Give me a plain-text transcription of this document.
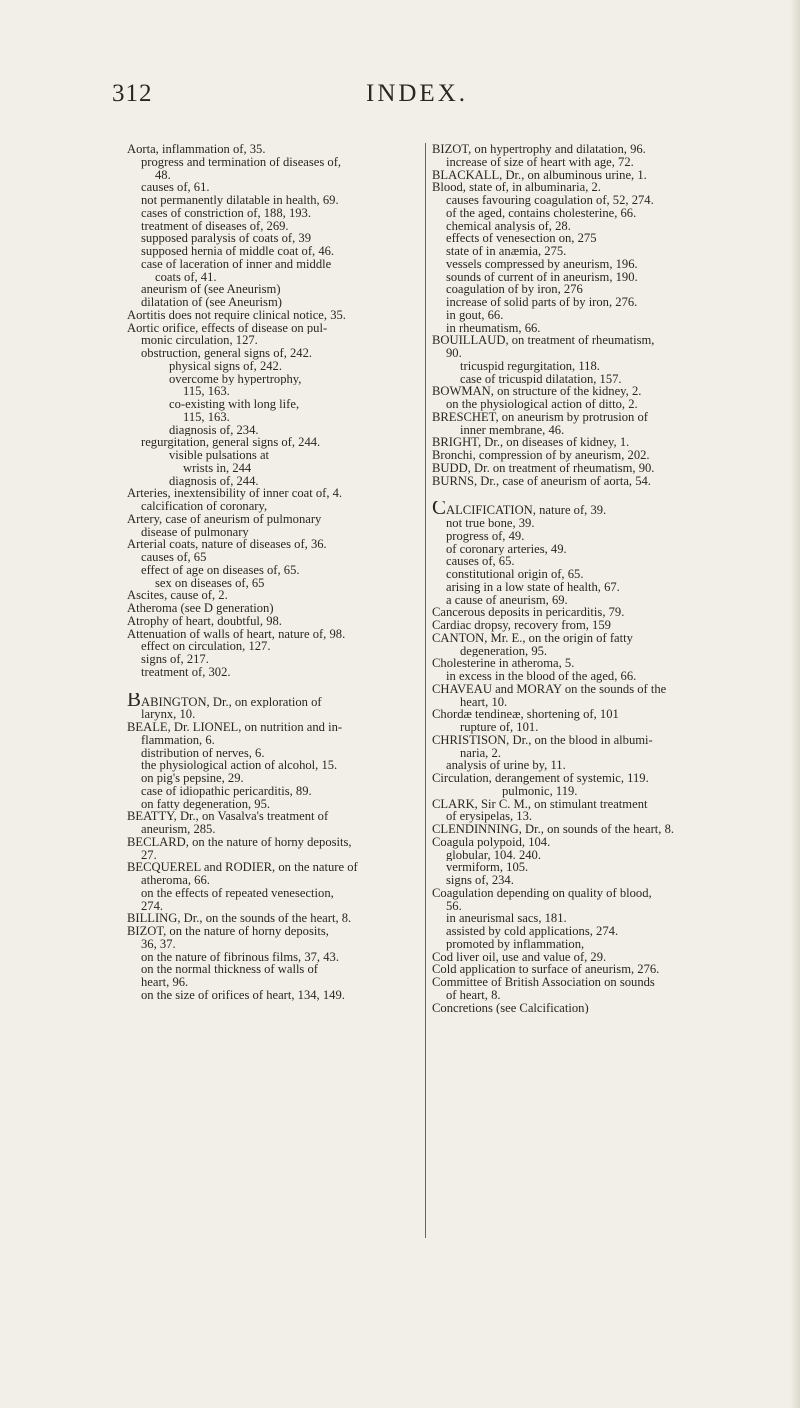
312	INDEX.
Aorta, inflammation of, 35.
progress and termination of diseases of,
48.
causes of, 61.
not permanently dilatable in health, 69.
cases of constriction of, 188, 193.
treatment of diseases of, 269.
supposed paralysis of coats of, 39
supposed hernia of middle coat of, 46.
case of laceration of inner and middle
coats of, 41.
aneurism of (see Aneurism)
dilatation of (see Aneurism)
Aortitis does not require clinical notice, 35.
Aortic orifice, effects of disease on pul-
monic circulation, 127.
obstruction, general signs of, 242.
physical signs of, 242.
overcome by hypertrophy,
115, 163.
co-existing with long life,
115, 163.
diagnosis of, 234.
regurgitation, general signs of, 244.
visible pulsations at
wrists in, 244
diagnosis of, 244.
Arteries, inextensibility of inner coat of, 4.
calcification of coronary,
Artery, case of aneurism of pulmonary
disease of pulmonary
Arterial coats, nature of diseases of, 36.
causes of, 65
effect of age on diseases of, 65.
sex on diseases of, 65
Ascites, cause of, 2.
Atheroma (see D generation)
Atrophy of heart, doubtful, 98.
Attenuation of walls of heart, nature of, 98.
effect on circulation, 127.
signs of, 217.
treatment of, 302.
BABINGTON, Dr., on exploration of
larynx, 10.
BEALE, Dr. LIONEL, on nutrition and in-
flammation, 6.
distribution of nerves, 6.
the physiological action of alcohol, 15.
on pig's pepsine, 29.
case of idiopathic pericarditis, 89.
on fatty degeneration, 95.
BEATTY, Dr., on Vasalva's treatment of
aneurism, 285.
BECLARD, on the nature of horny deposits,
27.
BECQUEREL and RODIER, on the nature of
atheroma, 66.
on the effects of repeated venesection,
274.
BILLING, Dr., on the sounds of the heart, 8.
BIZOT, on the nature of horny deposits,
36, 37.
on the nature of fibrinous films, 37, 43.
on the normal thickness of walls of
heart, 96.
on the size of orifices of heart, 134, 149.
BIZOT, on hypertrophy and dilatation, 96.
increase of size of heart with age, 72.
BLACKALL, Dr., on albuminous urine, 1.
Blood, state of, in albuminaria, 2.
causes favouring coagulation of, 52, 274.
of the aged, contains cholesterine, 66.
chemical analysis of, 28.
effects of venesection on, 275
state of in anæmia, 275.
vessels compressed by aneurism, 196.
sounds of current of in aneurism, 190.
coagulation of by iron, 276
increase of solid parts of by iron, 276.
in gout, 66.
in rheumatism, 66.
BOUILLAUD, on treatment of rheumatism,
90.
tricuspid regurgitation, 118.
case of tricuspid dilatation, 157.
BOWMAN, on structure of the kidney, 2.
on the physiological action of ditto, 2.
BRESCHET, on aneurism by protrusion of
inner membrane, 46.
BRIGHT, Dr., on diseases of kidney, 1.
Bronchi, compression of by aneurism, 202.
BUDD, Dr. on treatment of rheumatism, 90.
BURNS, Dr., case of aneurism of aorta, 54.
CALCIFICATION, nature of, 39.
not true bone, 39.
progress of, 49.
of coronary arteries, 49.
causes of, 65.
constitutional origin of, 65.
arising in a low state of health, 67.
a cause of aneurism, 69.
Cancerous deposits in pericarditis, 79.
Cardiac dropsy, recovery from, 159
CANTON, Mr. E., on the origin of fatty
degeneration, 95.
Cholesterine in atheroma, 5.
in excess in the blood of the aged, 66.
CHAVEAU and MORAY on the sounds of the
heart, 10.
Chordæ tendineæ, shortening of, 101
rupture of, 101.
CHRISTISON, Dr., on the blood in albumi-
naria, 2.
analysis of urine by, 11.
Circulation, derangement of systemic, 119.
pulmonic, 119.
CLARK, Sir C. M., on stimulant treatment
of erysipelas, 13.
CLENDINNING, Dr., on sounds of the heart, 8.
Coagula polypoid, 104.
globular, 104. 240.
vermiform, 105.
signs of, 234.
Coagulation depending on quality of blood,
56.
in aneurismal sacs, 181.
assisted by cold applications, 274.
promoted by inflammation,
Cod liver oil, use and value of, 29.
Cold application to surface of aneurism, 276.
Committee of British Association on sounds
of heart, 8.
Concretions (see Calcification)
